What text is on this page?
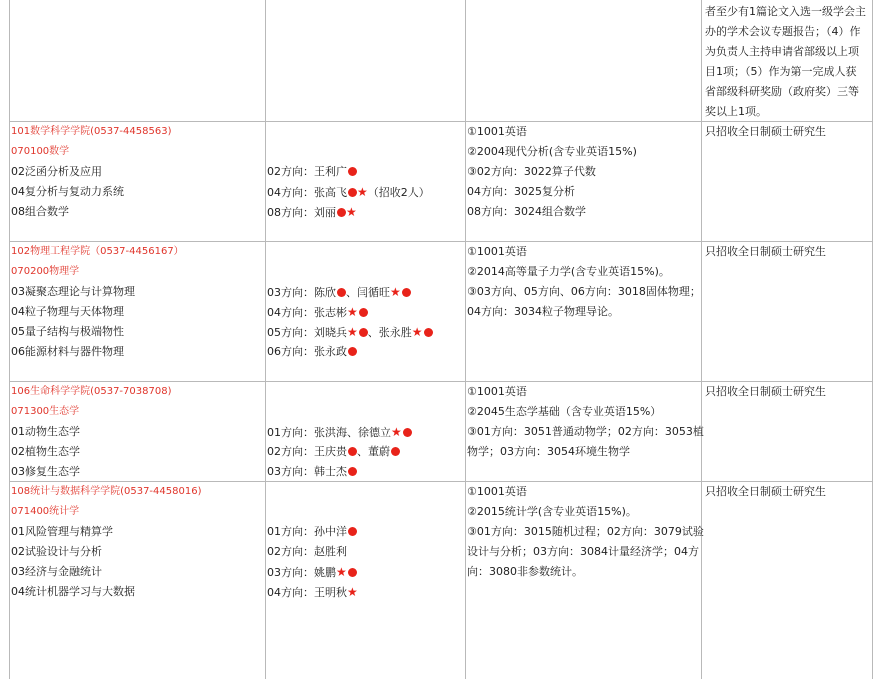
者至少有1篇论文入选一级学会主办的学术会议专题报告；（4）作为负责人主持申请省部级以上项目1项；（5）作为第一完成人获省部级科研奖励（政府奖）三等奖以上1项。
101数学科学学院(0537-4458563)
070100数学
02泛函分析及应用
04复分析与复动力系统
08组合数学
02方向：王利广
04方向：张高飞 ★（招收2人）
08方向：刘丽 ★
①1001英语
②2004现代分析(含专业英语15%)
③02方向：3022算子代数
04方向：3025复分析
08方向：3024组合数学
只招收全日制硕士研究生
102物理工程学院（0537-4456167）
070200物理学
03凝聚态理论与计算物理
04粒子物理与天体物理
05量子结构与极端物性
06能源材料与器件物理
03方向：陈欣 、闫循旺★
04方向：张志彬★
05方向：刘晓兵★ 、张永胜★
06方向：张永政
①1001英语
②2014高等量子力学(含专业英语15%)。
③03方向、05方向、06方向：3018固体物理；
04方向：3034粒子物理导论。
只招收全日制硕士研究生
106生命科学学院(0537-7038708)
071300生态学
01动物生态学
02植物生态学
03修复生态学
01方向：张洪海、徐德立★
02方向：王庆贵 、董蔚
03方向：韩士杰
①1001英语
②2045生态学基础（含专业英语15%）
③01方向：3051普通动物学；02方向：3053植
物学；03方向：3054环境生物学
只招收全日制硕士研究生
108统计与数据科学学院(0537-4458016)
071400统计学
01风险管理与精算学
02试验设计与分析
03经济与金融统计
04统计机器学习与大数据
01方向：孙中洋
02方向：赵胜利
03方向：姚鹏★
04方向：王明秋★
①1001英语
②2015统计学(含专业英语15%)。
③01方向：3015随机过程；02方向：3079试验
设计与分析；03方向：3084计量经济学；04方
向：3080非参数统计。
只招收全日制硕士研究生
